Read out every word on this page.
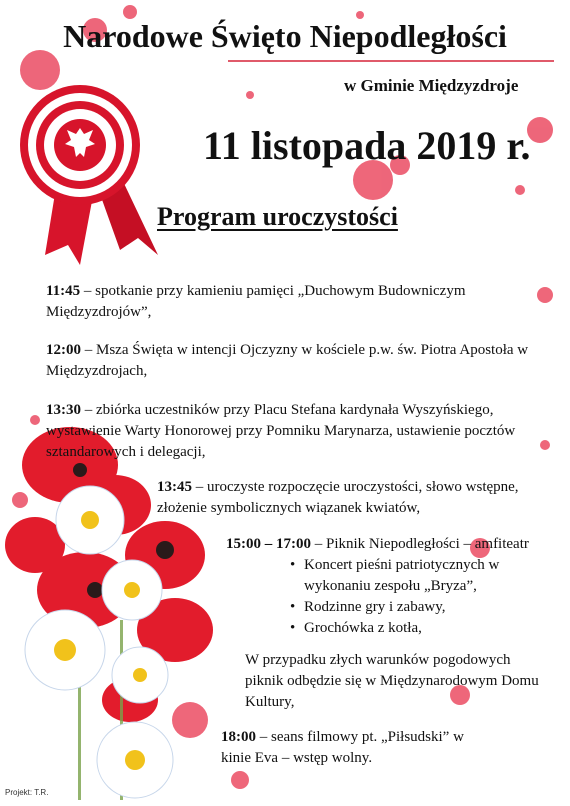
Narodowe Święto Niepodległości
w Gminie Międzyzdroje
11 listopada 2019 r.
Program uroczystości
11:45 – spotkanie przy kamieniu pamięci „Duchowym Budowniczym Międzyzdrojów”,
12:00 – Msza Święta w intencji Ojczyzny w kościele p.w. św. Piotra Apostoła w Międzyzdrojach,
13:30 – zbiórka uczestników przy Placu Stefana kardynała Wyszyńskiego, wystawienie Warty Honorowej przy Pomniku Marynarza, ustawienie pocztów sztandarowych i delegacji,
13:45 – uroczyste rozpoczęcie uroczystości, słowo wstępne, złożenie symbolicznych wiązanek kwiatów,
15:00 – 17:00 – Piknik Niepodległości – amfiteatr
• Koncert pieśni patriotycznych w wykonaniu zespołu „Bryza”,
• Rodzinne gry i zabawy,
• Grochówka z kotła,
W przypadku złych warunków pogodowych piknik odbędzie się w Międzynarodowym Domu Kultury,
18:00 – seans filmowy pt. „Piłsudski” w kinie Eva – wstęp wolny.
Projekt: T.R.
